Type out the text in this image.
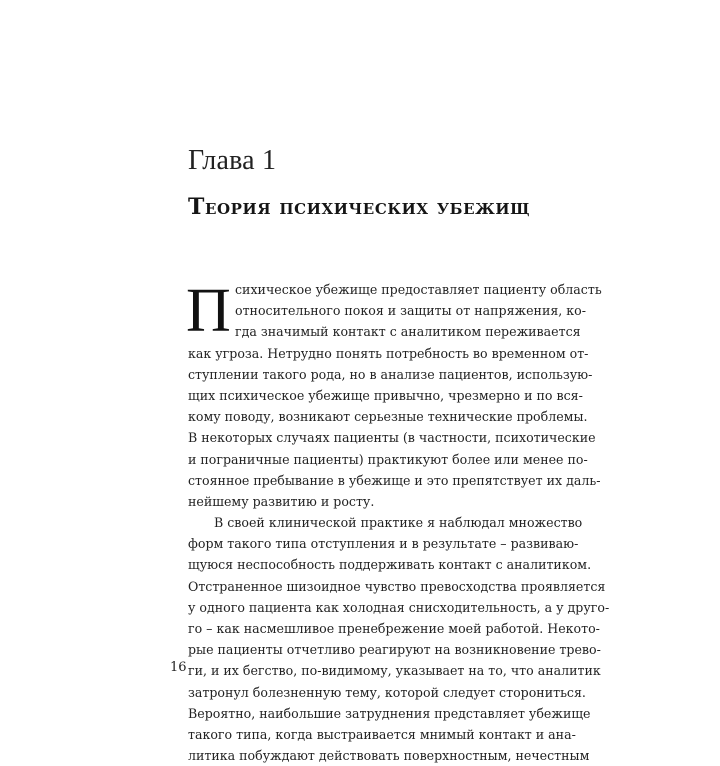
Глава 1
Теория психических убежищ
П сихическое убежище предоставляет пациенту область
относительного покоя и защиты от напряжения, ко-
гда значимый контакт с аналитиком переживается
как угроза. Нетрудно понять потребность во временном от-
ступлении такого рода, но в анализе пациентов, использую-
щих психическое убежище привычно, чрезмерно и по вся-
кому поводу, возникают серьезные технические проблемы.
В некоторых случаях пациенты (в частности, психотические
и пограничные пациенты) практикуют более или менее по-
стоянное пребывание в убежище и это препятствует их даль-
нейшему развитию и росту.
В своей клинической практике я наблюдал множество
форм такого типа отступления и в результате – развиваю-
щуюся неспособность поддерживать контакт с аналитиком.
Отстраненное шизоидное чувство превосходства проявляется
у одного пациента как холодная снисходительность, а у друго-
го – как насмешливое пренебрежение моей работой. Некото-
рые пациенты отчетливо реагируют на возникновение трево-
ги, и их бегство, по-видимому, указывает на то, что аналитик
затронул болезненную тему, которой следует сторониться.
Вероятно, наибольшие затруднения представляет убежище
такого типа, когда выстраивается мнимый контакт и ана-
литика побуждают действовать поверхностным, нечестным
16
